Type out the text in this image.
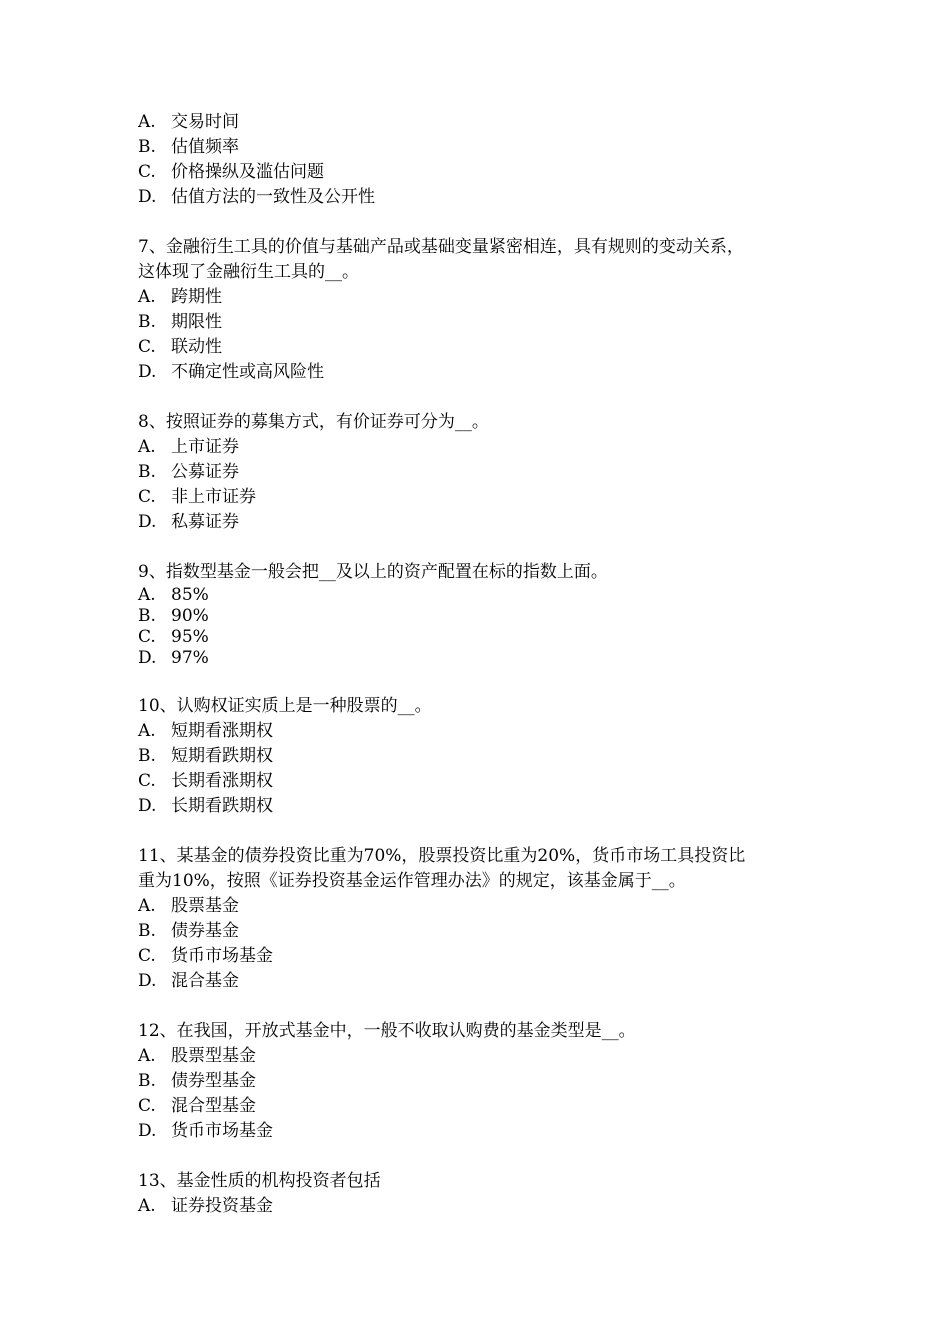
A. 交易时间
B. 估值频率
C. 价格操纵及滥估问题
D. 估值方法的一致性及公开性
7、金融衍生工具的价值与基础产品或基础变量紧密相连，具有规则的变动关系，
这体现了金融衍生工具的__。
A. 跨期性
B. 期限性
C. 联动性
D. 不确定性或高风险性
8、按照证券的募集方式，有价证券可分为__。
A. 上市证券
B. 公募证券
C. 非上市证券
D. 私募证券
9、指数型基金一般会把__及以上的资产配置在标的指数上面。
A. 85%
B. 90%
C. 95%
D. 97%
10、认购权证实质上是一种股票的__。
A. 短期看涨期权
B. 短期看跌期权
C. 长期看涨期权
D. 长期看跌期权
11、某基金的债券投资比重为70%，股票投资比重为20%，货币市场工具投资比
重为10%，按照《证券投资基金运作管理办法》的规定，该基金属于__。
A. 股票基金
B. 债券基金
C. 货币市场基金
D. 混合基金
12、在我国，开放式基金中，一般不收取认购费的基金类型是__。
A. 股票型基金
B. 债券型基金
C. 混合型基金
D. 货币市场基金
13、基金性质的机构投资者包括
A. 证券投资基金
